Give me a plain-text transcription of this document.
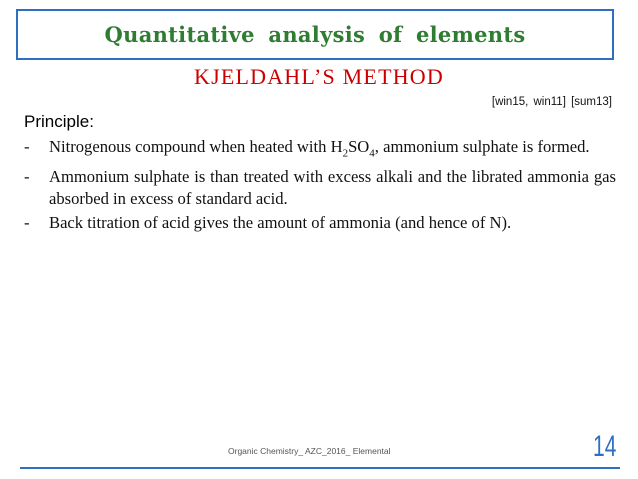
Quantitative analysis of elements
KJELDAHL’S METHOD
[win15, win11] [sum13]
Principle:
-	Nitrogenous compound when heated with $H_2SO_4$, ammonium sulphate is formed.
-	Ammonium sulphate is than treated with excess alkali and the librated ammonia gas absorbed in excess of standard acid.
-	Back titration of acid gives the amount of ammonia (and hence of N).
Organic Chemistry_ AZC_2016_ Elemental	14
